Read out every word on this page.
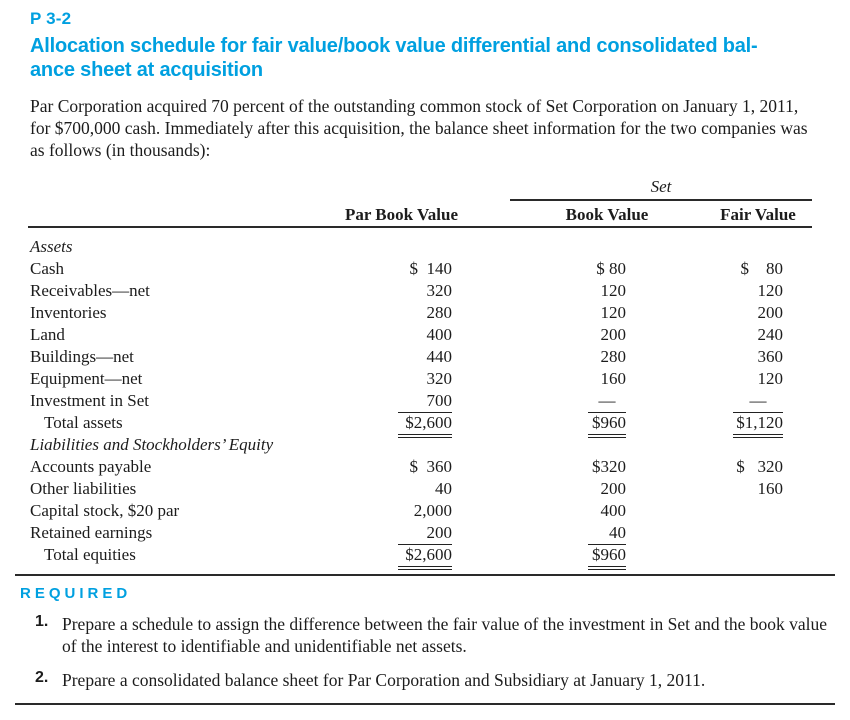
P 3-2
Allocation schedule for fair value/book value differential and consolidated bal-
ance sheet at acquisition

Par Corporation acquired 70 percent of the outstanding common stock of Set Corporation on January 1, 2011, for $700,000 cash. Immediately after this acquisition, the balance sheet information for the two companies was as follows (in thousands):

Set
Par Book Value	Book Value	Fair Value
Assets
Cash	$  140	$ 80	$    80
Receivables—net	320	120	120
Inventories	280	120	200
Land	400	200	240
Buildings—net	440	280	360
Equipment—net	320	160	120
Investment in Set	700	—	—
Total assets	$2,600	$960	$1,120
Liabilities and Stockholders’ Equity
Accounts payable	$  360	$320	$   320
Other liabilities	40	200	160
Capital stock, $20 par	2,000	400
Retained earnings	200	40
Total equities	$2,600	$960
REQUIRED
1. Prepare a schedule to assign the difference between the fair value of the investment in Set and the book value of the interest to identifiable and unidentifiable net assets.
2. Prepare a consolidated balance sheet for Par Corporation and Subsidiary at January 1, 2011.
